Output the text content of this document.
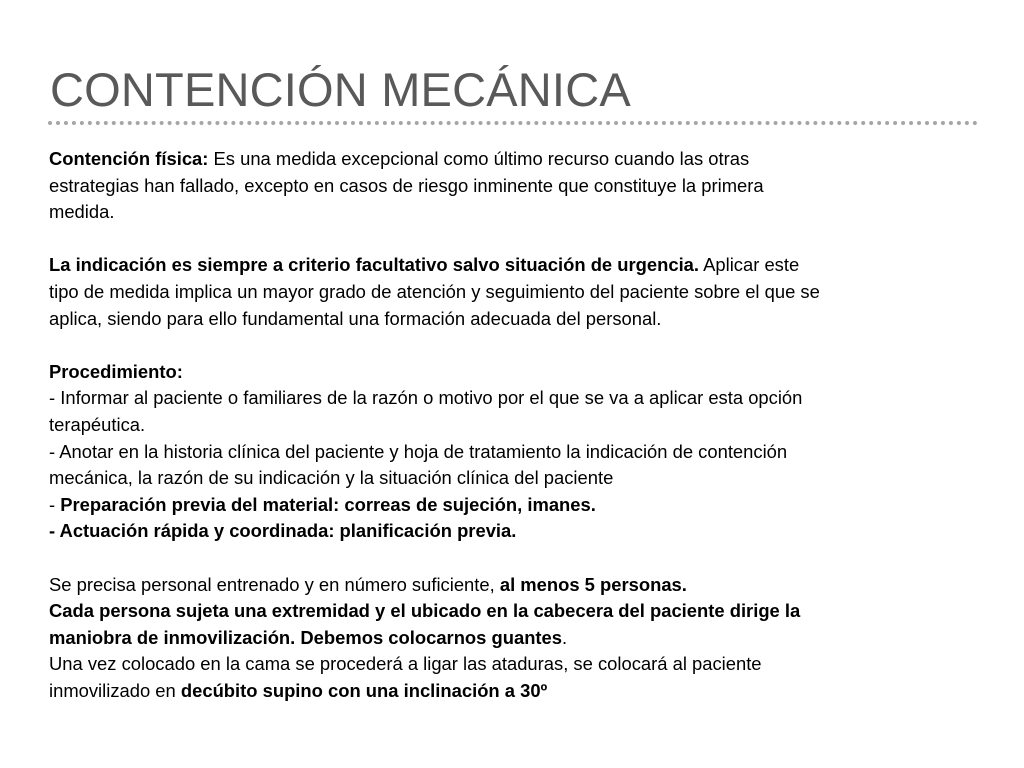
CONTENCIÓN MECÁNICA
Contención física: Es una medida excepcional como último recurso cuando las otras
estrategias han fallado, excepto en casos de riesgo inminente que constituye la primera
medida.
La indicación es siempre a criterio facultativo salvo situación de urgencia. Aplicar este
tipo de medida implica un mayor grado de atención y seguimiento del paciente sobre el que se
aplica, siendo para ello fundamental una formación adecuada del personal.
Procedimiento:
- Informar al paciente o familiares de la razón o motivo por el que se va a aplicar esta opción
terapéutica.
- Anotar en la historia clínica del paciente y hoja de tratamiento la indicación de contención
mecánica, la razón de su indicación y la situación clínica del paciente
- Preparación previa del material: correas de sujeción, imanes.
- Actuación rápida y coordinada: planificación previa.
Se precisa personal entrenado y en número suficiente, al menos 5 personas.
Cada persona sujeta una extremidad y el ubicado en la cabecera del paciente dirige la
maniobra de inmovilización. Debemos colocarnos guantes.
Una vez colocado en la cama se procederá a ligar las ataduras, se colocará al paciente
inmovilizado en decúbito supino con una inclinación a 30º
